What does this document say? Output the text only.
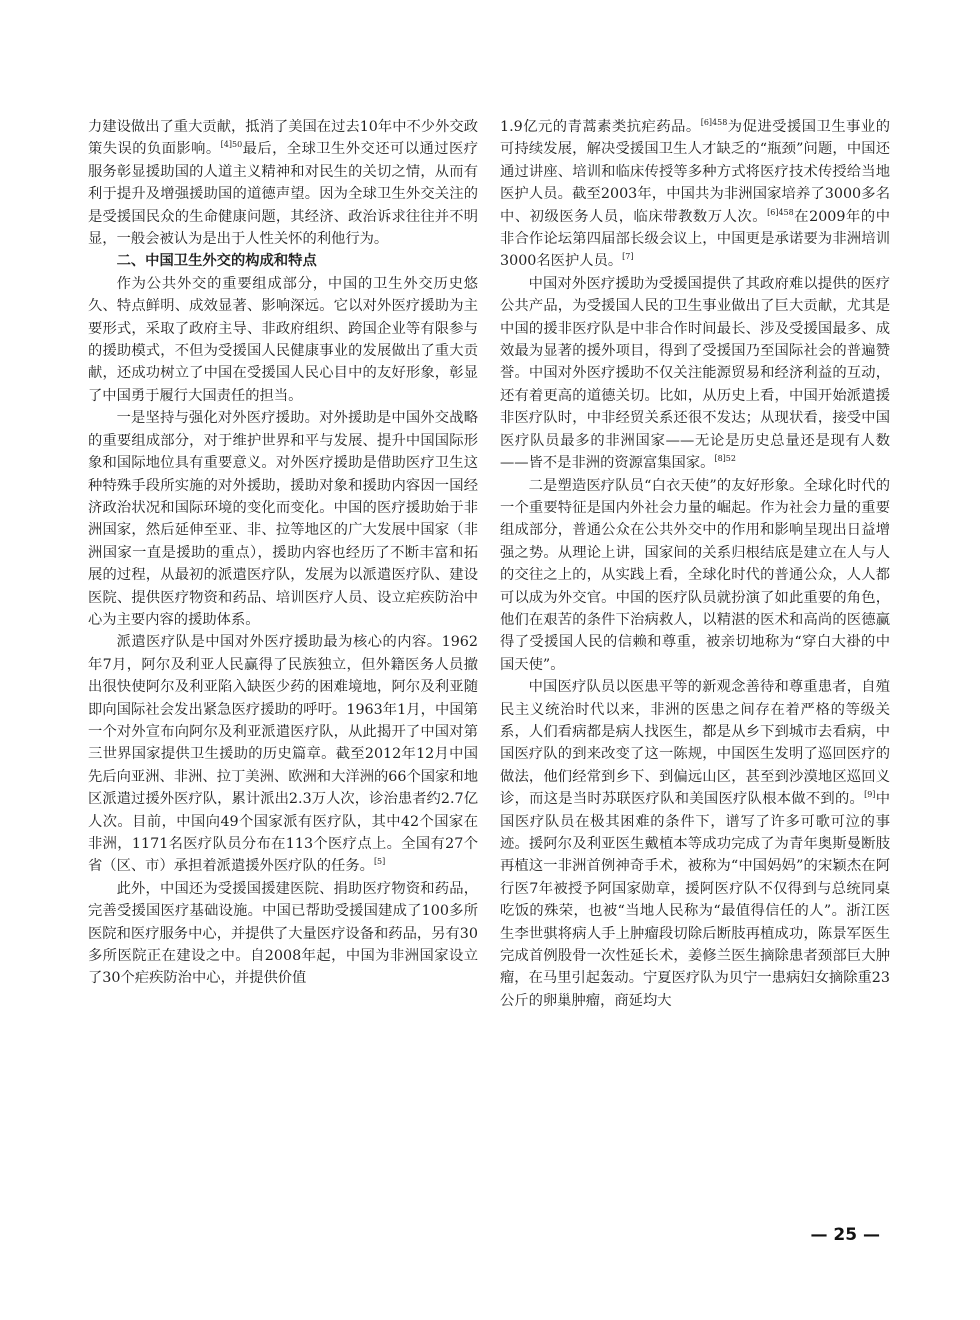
力建设做出了重大贡献，抵消了美国在过去10年中不少外交政策失误的负面影响。$^{[4]50}$最后，全球卫生外交还可以通过医疗服务彰显援助国的人道主义精神和对民生的关切之情，从而有利于提升及增强援助国的道德声望。因为全球卫生外交关注的是受援国民众的生命健康问题，其经济、政治诉求往往并不明显，一般会被认为是出于人性关怀的利他行为。

二、中国卫生外交的构成和特点

作为公共外交的重要组成部分，中国的卫生外交历史悠久、特点鲜明、成效显著、影响深远。它以对外医疗援助为主要形式，采取了政府主导、非政府组织、跨国企业等有限参与的援助模式，不但为受援国人民健康事业的发展做出了重大贡献，还成功树立了中国在受援国人民心目中的友好形象，彰显了中国勇于履行大国责任的担当。

一是坚持与强化对外医疗援助。对外援助是中国外交战略的重要组成部分，对于维护世界和平与发展、提升中国国际形象和国际地位具有重要意义。对外医疗援助是借助医疗卫生这种特殊手段所实施的对外援助，援助对象和援助内容因一国经济政治状况和国际环境的变化而变化。中国的医疗援助始于非洲国家，然后延伸至亚、非、拉等地区的广大发展中国家（非洲国家一直是援助的重点），援助内容也经历了不断丰富和拓展的过程，从最初的派遣医疗队，发展为以派遣医疗队、建设医院、提供医疗物资和药品、培训医疗人员、设立疟疾防治中心为主要内容的援助体系。

派遣医疗队是中国对外医疗援助最为核心的内容。1962年7月，阿尔及利亚人民赢得了民族独立，但外籍医务人员撤出很快使阿尔及利亚陷入缺医少药的困难境地，阿尔及利亚随即向国际社会发出紧急医疗援助的呼吁。1963年1月，中国第一个对外宣布向阿尔及利亚派遣医疗队，从此揭开了中国对第三世界国家提供卫生援助的历史篇章。截至2012年12月中国先后向亚洲、非洲、拉丁美洲、欧洲和大洋洲的66个国家和地区派遣过援外医疗队，累计派出2.3万人次，诊治患者约2.7亿人次。目前，中国向49个国家派有医疗队，其中42个国家在非洲，1171名医疗队员分布在113个医疗点上。全国有27个省（区、市）承担着派遣援外医疗队的任务。[5]

此外，中国还为受援国援建医院、捐助医疗物资和药品，完善受援国医疗基础设施。中国已帮助受援国建成了100多所医院和医疗服务中心，并提供了大量医疗设备和药品，另有30多所医院正在建设之中。自2008年起，中国为非洲国家设立了30个疟疾防治中心，并提供价值

1.9亿元的青蒿素类抗疟药品。$^{[6]458}$为促进受援国卫生事业的可持续发展，解决受援国卫生人才缺乏的“瓶颈”问题，中国还通过讲座、培训和临床传授等多种方式将医疗技术传授给当地医护人员。截至2003年，中国共为非洲国家培养了3000多名中、初级医务人员，临床带教数万人次。$^{[6]458}$在2009年的中非合作论坛第四届部长级会议上，中国更是承诺要为非洲培训3000名医护人员。[7]

中国对外医疗援助为受援国提供了其政府难以提供的医疗公共产品，为受援国人民的卫生事业做出了巨大贡献，尤其是中国的援非医疗队是中非合作时间最长、涉及受援国最多、成效最为显著的援外项目，得到了受援国乃至国际社会的普遍赞誉。中国对外医疗援助不仅关注能源贸易和经济利益的互动，还有着更高的道德关切。比如，从历史上看，中国开始派遣援非医疗队时，中非经贸关系还很不发达；从现状看，接受中国医疗队员最多的非洲国家——无论是历史总量还是现有人数——皆不是非洲的资源富集国家。$^{[8]52}$

二是塑造医疗队员“白衣天使”的友好形象。全球化时代的一个重要特征是国内外社会力量的崛起。作为社会力量的重要组成部分，普通公众在公共外交中的作用和影响呈现出日益增强之势。从理论上讲，国家间的关系归根结底是建立在人与人的交往之上的，从实践上看，全球化时代的普通公众，人人都可以成为外交官。中国的医疗队员就扮演了如此重要的角色，他们在艰苦的条件下治病救人，以精湛的医术和高尚的医德赢得了受援国人民的信赖和尊重，被亲切地称为“穿白大褂的中国天使”。

中国医疗队员以医患平等的新观念善待和尊重患者，自殖民主义统治时代以来，非洲的医患之间存在着严格的等级关系，人们看病都是病人找医生，都是从乡下到城市去看病，中国医疗队的到来改变了这一陈规，中国医生发明了巡回医疗的做法，他们经常到乡下、到偏远山区，甚至到沙漠地区巡回义诊，而这是当时苏联医疗队和美国医疗队根本做不到的。[9]中国医疗队员在极其困难的条件下，谱写了许多可歌可泣的事迹。援阿尔及利亚医生戴植本等成功完成了为青年奥斯曼断肢再植这一非洲首例神奇手术，被称为“中国妈妈”的宋颖杰在阿行医7年被授予阿国家勋章，援阿医疗队不仅得到与总统同桌吃饭的殊荣，也被“当地人民称为“最值得信任的人”。浙江医生李世骐将病人手上肿瘤段切除后断肢再植成功，陈景军医生完成首例股骨一次性延长术，姜修兰医生摘除患者颈部巨大肿瘤，在马里引起轰动。宁夏医疗队为贝宁一患病妇女摘除重23公斤的卵巢肿瘤，商延均大

— 25 —
